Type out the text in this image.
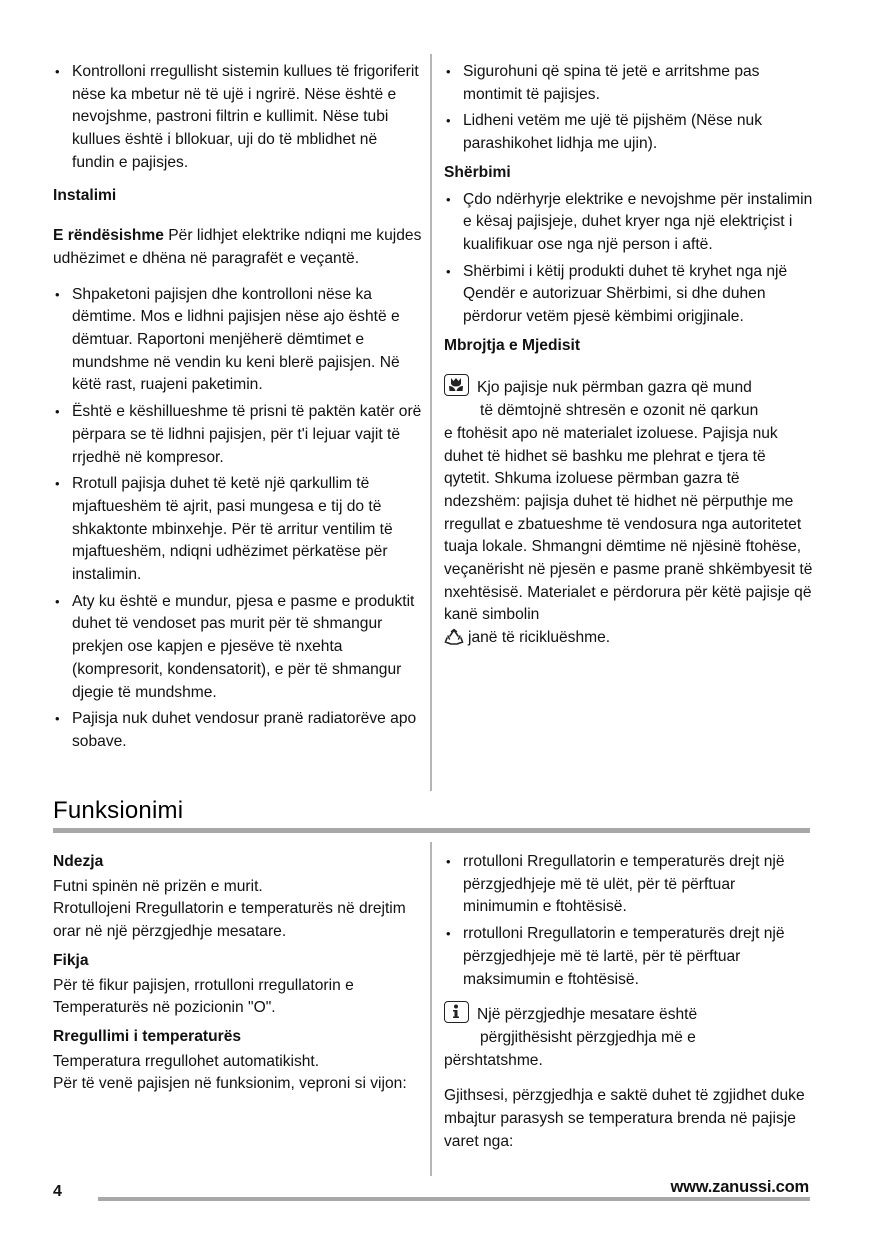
• Kontrolloni rregullisht sistemin kullues të frigoriferit nëse ka mbetur në të ujë i ngrirë. Nëse është e nevojshme, pastroni filtrin e kullimit. Nëse tubi kullues është i bllokuar, uji do të mblidhet në fundin e pajisjes.
Instalimi

E rëndësishme Për lidhjet elektrike ndiqni me kujdes udhëzimet e dhëna në paragrafët e veçantë.

• Shpaketoni pajisjen dhe kontrolloni nëse ka dëmtime. Mos e lidhni pajisjen nëse ajo është e dëmtuar. Raportoni menjëherë dëmtimet e mundshme në vendin ku keni blerë pajisjen. Në këtë rast, ruajeni paketimin.
• Është e këshillueshme të prisni të paktën katër orë përpara se të lidhni pajisjen, për t'i lejuar vajit të rrjedhë në kompresor.
• Rrotull pajisja duhet të ketë një qarkullim të mjaftueshëm të ajrit, pasi mungesa e tij do të shkaktonte mbinxehje. Për të arritur ventilim të mjaftueshëm, ndiqni udhëzimet përkatëse për instalimin.
• Aty ku është e mundur, pjesa e pasme e produktit duhet të vendoset pas murit për të shmangur prekjen ose kapjen e pjesëve të nxehta (kompresorit, kondensatorit), e për të shmangur djegie të mundshme.
• Pajisja nuk duhet vendosur pranë radiatorëve apo sobave.
• Sigurohuni që spina të jetë e arritshme pas montimit të pajisjes.
• Lidheni vetëm me ujë të pijshëm (Nëse nuk parashikohet lidhja me ujin).
Shërbimi
• Çdo ndërhyrje elektrike e nevojshme për instalimin e kësaj pajisjeje, duhet kryer nga një elektriçist i kualifikuar ose nga një person i aftë.
• Shërbimi i këtij produkti duhet të kryhet nga një Qendër e autorizuar Shërbimi, si dhe duhen përdorur vetëm pjesë këmbimi origjinale.
Mbrojtja e Mjedisit
Kjo pajisje nuk përmban gazra që mund
të dëmtojnë shtresën e ozonit në qarkun
e ftohësit apo në materialet izoluese. Pajisja nuk duhet të hidhet së bashku me plehrat e tjera të qytetit. Shkuma izoluese përmban gazra të ndezshëm: pajisja duhet të hidhet në përputhje me rregullat e zbatueshme të vendosura nga autoritetet tuaja lokale. Shmangni dëmtime në njësinë ftohëse, veçanërisht në pjesën e pasme pranë shkëmbyesit të nxehtësisë. Materialet e përdorura për këtë pajisje që kanë simbolin
janë të ricikluëshme.
Funksionimi
Ndezja

Futni spinën në prizën e murit.

Rrotullojeni Rregullatorin e temperaturës në drejtim orar në një përzgjedhje mesatare.

Fikja

Për të fikur pajisjen, rrotulloni rregullatorin e Temperaturës në pozicionin "O".

Rregullimi i temperaturës

Temperatura rregullohet automatikisht.

Për të venë pajisjen në funksionim, veproni si vijon:

• rrotulloni Rregullatorin e temperaturës drejt një përzgjedhjeje më të ulët, për të përftuar minimumin e ftohtësisë.
• rrotulloni Rregullatorin e temperaturës drejt një përzgjedhjeje më të lartë, për të përftuar maksimumin e ftohtësisë.
Një përzgjedhje mesatare është
përgjithësisht përzgjedhja më e
përshtatshme.

Gjithsesi, përzgjedhja e saktë duhet të zgjidhet duke mbajtur parasysh se temperatura brenda në pajisje varet nga:

4	www.zanussi.com
